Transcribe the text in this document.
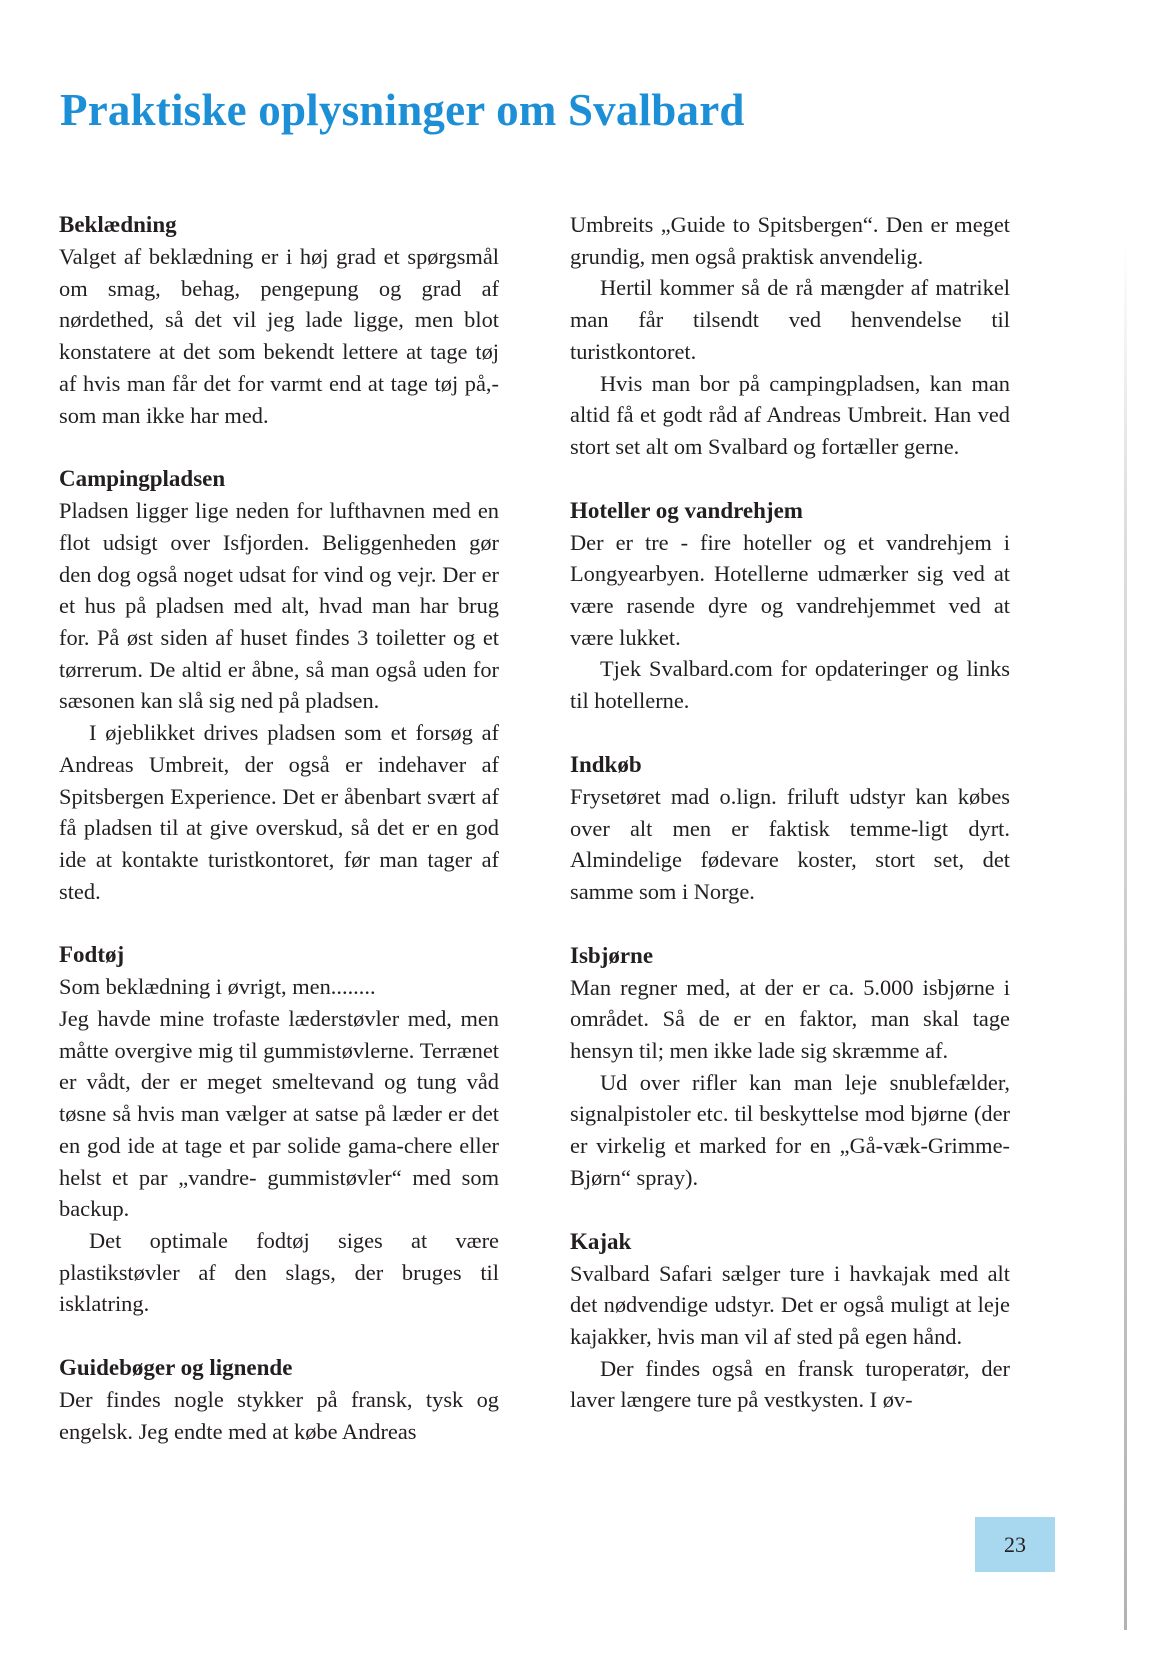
Praktiske oplysninger om Svalbard
Beklædning

Valget af beklædning er i høj grad et spørgsmål om smag, behag, pengepung og grad af nørdethed, så det vil jeg lade ligge, men blot konstatere at det som bekendt lettere at tage tøj af hvis man får det for varmt end at tage tøj på,- som man ikke har med.

Campingpladsen

Pladsen ligger lige neden for lufthavnen med en flot udsigt over Isfjorden. Beliggenheden gør den dog også noget udsat for vind og vejr. Der er et hus på pladsen med alt, hvad man har brug for. På øst siden af huset findes 3 toiletter og et tørrerum. De altid er åbne, så man også uden for sæsonen kan slå sig ned på pladsen.

I øjeblikket drives pladsen som et forsøg af Andreas Umbreit, der også er indehaver af Spitsbergen Experience. Det er åbenbart svært af få pladsen til at give overskud, så det er en god ide at kontakte turistkontoret, før man tager af sted.

Fodtøj

Som beklædning i øvrigt, men........

Jeg havde mine trofaste læderstøvler med, men måtte overgive mig til gummistøvlerne. Terrænet er vådt, der er meget smeltevand og tung våd tøsne så hvis man vælger at satse på læder er det en god ide at tage et par solide gama-chere eller helst et par „vandre- gummistøvler“ med som backup.

Det optimale fodtøj siges at være plastikstøvler af den slags, der bruges til isklatring.

Guidebøger og lignende

Der findes nogle stykker på fransk, tysk og engelsk. Jeg endte med at købe Andreas

Umbreits „Guide to Spitsbergen“. Den er meget grundig, men også praktisk anvendelig.

Hertil kommer så de rå mængder af matrikel man får tilsendt ved henvendelse til turistkontoret.

Hvis man bor på campingpladsen, kan man altid få et godt råd af Andreas Umbreit. Han ved stort set alt om Svalbard og fortæller gerne.

Hoteller og vandrehjem

Der er tre - fire hoteller og et vandrehjem i Longyearbyen. Hotellerne udmærker sig ved at være rasende dyre og vandrehjemmet ved at være lukket.

Tjek Svalbard.com for opdateringer og links til hotellerne.

Indkøb

Frysetøret mad o.lign. friluft udstyr kan købes over alt men er faktisk temme-ligt dyrt. Almindelige fødevare koster, stort set, det samme som i Norge.

Isbjørne

Man regner med, at der er ca. 5.000 isbjørne i området. Så de er en faktor, man skal tage hensyn til; men ikke lade sig skræmme af.

Ud over rifler kan man leje snublefælder, signalpistoler etc. til beskyttelse mod bjørne (der er virkelig et marked for en „Gå-væk-Grimme-Bjørn“ spray).

Kajak

Svalbard Safari sælger ture i havkajak med alt det nødvendige udstyr. Det er også muligt at leje kajakker, hvis man vil af sted på egen hånd.

Der findes også en fransk turoperatør, der laver længere ture på vestkysten. I øv-

23
